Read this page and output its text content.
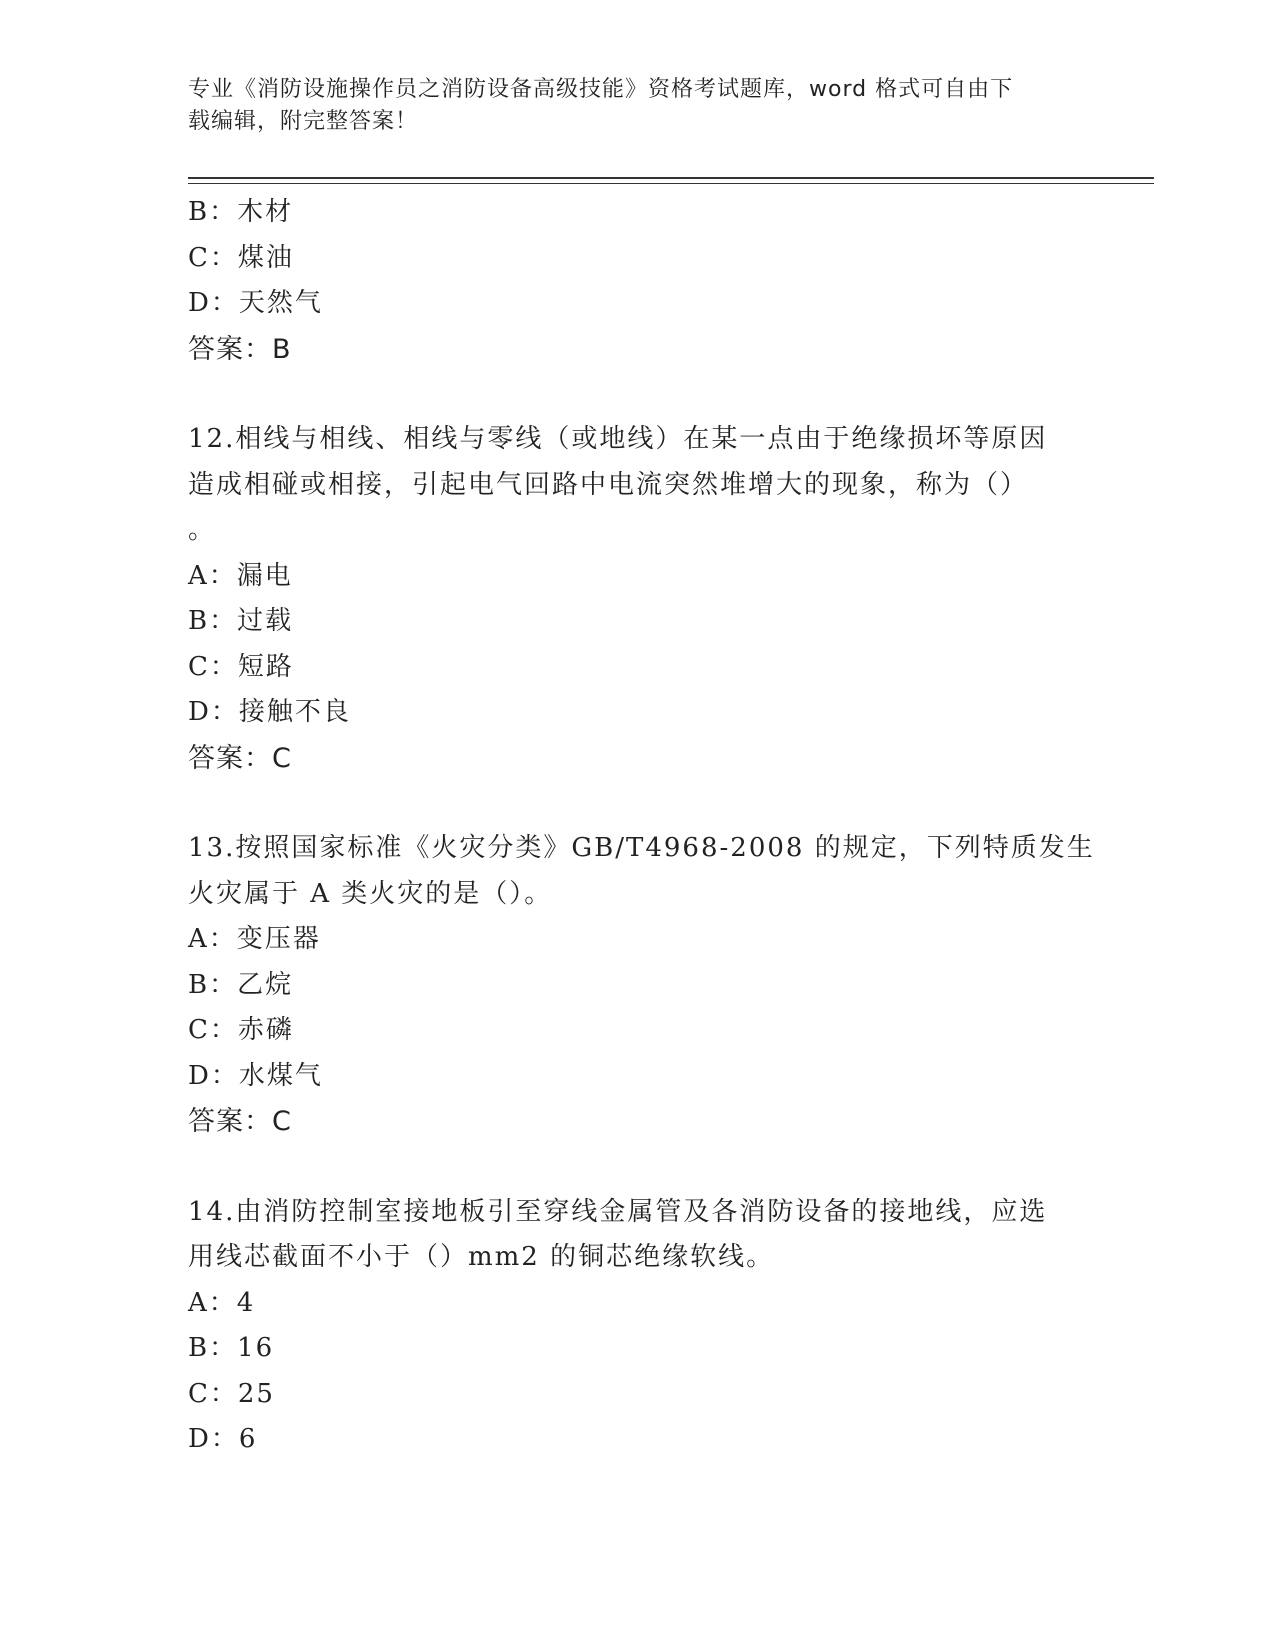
专业《消防设施操作员之消防设备高级技能》资格考试题库，word 格式可自由下
载编辑，附完整答案！
B：木材
C：煤油
D：天然气
答案：B
12.相线与相线、相线与零线（或地线）在某一点由于绝缘损坏等原因
造成相碰或相接，引起电气回路中电流突然堆增大的现象，称为（）
。
A：漏电
B：过载
C：短路
D：接触不良
答案：C
13.按照国家标准《火灾分类》GB/T4968-2008 的规定，下列特质发生
火灾属于 A 类火灾的是（）。
A：变压器
B：乙烷
C：赤磷
D：水煤气
答案：C
14.由消防控制室接地板引至穿线金属管及各消防设备的接地线，应选
用线芯截面不小于（）mm2 的铜芯绝缘软线。
A：4
B：16
C：25
D：6
